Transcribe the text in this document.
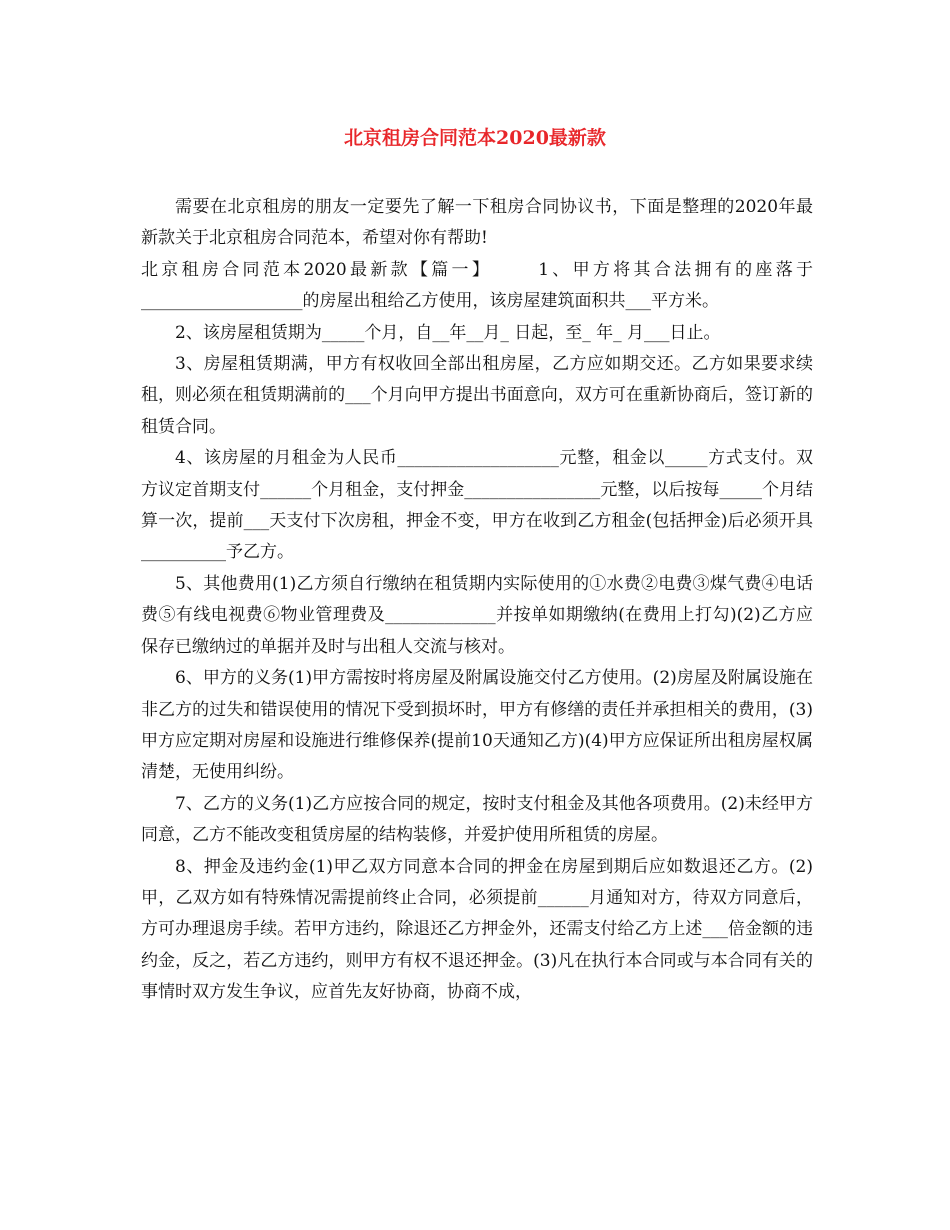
北京租房合同范本2020最新款

需要在北京租房的朋友一定要先了解一下租房合同协议书，下面是整理的2020年最新款关于北京租房合同范本，希望对你有帮助!

北京租房合同范本2020最新款【篇一】	1、甲方将其合法拥有的座落于___________________的房屋出租给乙方使用，该房屋建筑面积共___平方米。

2、该房屋租赁期为_____个月，自__年__月_ 日起，至_ 年_ 月___日止。

3、房屋租赁期满，甲方有权收回全部出租房屋，乙方应如期交还。乙方如果要求续租，则必须在租赁期满前的___个月向甲方提出书面意向，双方可在重新协商后，签订新的租赁合同。

4、该房屋的月租金为人民币___________________元整，租金以_____方式支付。双方议定首期支付______个月租金，支付押金________________元整，以后按每_____个月结算一次，提前___天支付下次房租，押金不变，甲方在收到乙方租金(包括押金)后必须开具__________予乙方。

5、其他费用(1)乙方须自行缴纳在租赁期内实际使用的①水费②电费③煤气费④电话费⑤有线电视费⑥物业管理费及_____________并按单如期缴纳(在费用上打勾)(2)乙方应保存已缴纳过的单据并及时与出租人交流与核对。

6、甲方的义务(1)甲方需按时将房屋及附属设施交付乙方使用。(2)房屋及附属设施在非乙方的过失和错误使用的情况下受到损坏时，甲方有修缮的责任并承担相关的费用，(3)甲方应定期对房屋和设施进行维修保养(提前10天通知乙方)(4)甲方应保证所出租房屋权属清楚，无使用纠纷。

7、乙方的义务(1)乙方应按合同的规定，按时支付租金及其他各项费用。(2)未经甲方同意，乙方不能改变租赁房屋的结构装修，并爱护使用所租赁的房屋。

8、押金及违约金(1)甲乙双方同意本合同的押金在房屋到期后应如数退还乙方。(2)甲，乙双方如有特殊情况需提前终止合同，必须提前______月通知对方，待双方同意后，方可办理退房手续。若甲方违约，除退还乙方押金外，还需支付给乙方上述___倍金额的违约金，反之，若乙方违约，则甲方有权不退还押金。(3)凡在执行本合同或与本合同有关的事情时双方发生争议，应首先友好协商，协商不成，
